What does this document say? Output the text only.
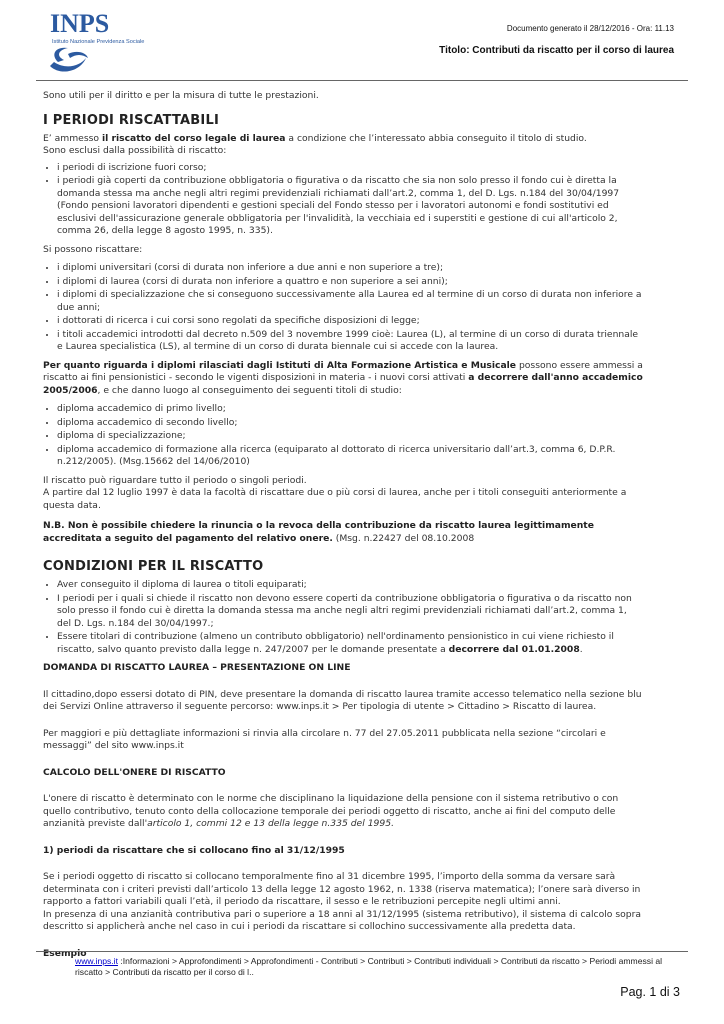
INPS
Istituto Nazionale Previdenza Sociale
Documento generato il 28/12/2016 - Ora: 11.13
Titolo: Contributi da riscatto per il corso di laurea

Sono utili per il diritto e per la misura di tutte le prestazioni.

I PERIODI RISCATTABILI

E’ ammesso il riscatto del corso legale di laurea a condizione che l’interessato abbia conseguito il titolo di studio.

Sono esclusi dalla possibilità di riscatto:

• i periodi di iscrizione fuori corso;
• i periodi già coperti da contribuzione obbligatoria o figurativa o da riscatto che sia non solo presso il fondo cui è diretta la domanda stessa ma anche negli altri regimi previdenziali richiamati dall’art.2, comma 1, del D. Lgs. n.184 del 30/04/1997 (Fondo pensioni lavoratori dipendenti e gestioni speciali del Fondo stesso per i lavoratori autonomi e fondi sostitutivi ed esclusivi dell'assicurazione generale obbligatoria per l'invalidità, la vecchiaia ed i superstiti e gestione di cui all'articolo 2, comma 26, della legge 8 agosto 1995, n. 335).

Si possono riscattare:

• i diplomi universitari (corsi di durata non inferiore a due anni e non superiore a tre);
• i diplomi di laurea (corsi di durata non inferiore a quattro e non superiore a sei anni);
• i diplomi di specializzazione che si conseguono successivamente alla Laurea ed al termine di un corso di durata non inferiore a due anni;
• i dottorati di ricerca i cui corsi sono regolati da specifiche disposizioni di legge;
• i titoli accademici introdotti dal decreto n.509 del 3 novembre 1999 cioè: Laurea (L), al termine di un corso di durata triennale e Laurea specialistica (LS), al termine di un corso di durata biennale cui si accede con la laurea.

Per quanto riguarda i diplomi rilasciati dagli Istituti di Alta Formazione Artistica e Musicale possono essere ammessi a riscatto ai fini pensionistici - secondo le vigenti disposizioni in materia - i nuovi corsi attivati a decorrere dall'anno accademico 2005/2006, e che danno luogo al conseguimento dei seguenti titoli di studio:

• diploma accademico di primo livello;
• diploma accademico di secondo livello;
• diploma di specializzazione;
• diploma accademico di formazione alla ricerca (equiparato al dottorato di ricerca universitario dall’art.3, comma 6, D.P.R. n.212/2005). (Msg.15662 del 14/06/2010)

Il riscatto può riguardare tutto il periodo o singoli periodi.

A partire dal 12 luglio 1997 è data la facoltà di riscattare due o più corsi di laurea, anche per i titoli conseguiti anteriormente a questa data.

N.B. Non è possibile chiedere la rinuncia o la revoca della contribuzione da riscatto laurea legittimamente accreditata a seguito del pagamento del relativo onere. (Msg. n.22427 del 08.10.2008

CONDIZIONI PER IL RISCATTO
• Aver conseguito il diploma di laurea o titoli equiparati;
• I periodi per i quali si chiede il riscatto non devono essere coperti da contribuzione obbligatoria o figurativa o da riscatto non solo presso il fondo cui è diretta la domanda stessa ma anche negli altri regimi previdenziali richiamati dall’art.2, comma 1, del D. Lgs. n.184 del 30/04/1997.;
• Essere titolari di contribuzione (almeno un contributo obbligatorio) nell'ordinamento pensionistico in cui viene richiesto il riscatto, salvo quanto previsto dalla legge n. 247/2007 per le domande presentate a decorrere dal 01.01.2008.

DOMANDA DI RISCATTO LAUREA – PRESENTAZIONE ON LINE

Il cittadino,dopo essersi dotato di PIN, deve presentare la domanda di riscatto laurea tramite accesso telematico nella sezione blu dei Servizi Online attraverso il seguente percorso: www.inps.it > Per tipologia di utente > Cittadino > Riscatto di laurea.

Per maggiori e più dettagliate informazioni si rinvia alla circolare n. 77 del 27.05.2011 pubblicata nella sezione “circolari e messaggi” del sito www.inps.it

CALCOLO DELL'ONERE DI RISCATTO

L'onere di riscatto è determinato con le norme che disciplinano la liquidazione della pensione con il sistema retributivo o con quello contributivo, tenuto conto della collocazione temporale dei periodi oggetto di riscatto, anche ai fini del computo delle anzianità previste dall'articolo 1, commi 12 e 13 della legge n.335 del 1995.

1) periodi da riscattare che si collocano fino al 31/12/1995

Se i periodi oggetto di riscatto si collocano temporalmente fino al 31 dicembre 1995, l’importo della somma da versare sarà determinata con i criteri previsti dall’articolo 13 della legge 12 agosto 1962, n. 1338 (riserva matematica); l’onere sarà diverso in rapporto a fattori variabili quali l’età, il periodo da riscattare, il sesso e le retribuzioni percepite negli ultimi anni.

In presenza di una anzianità contributiva pari o superiore a 18 anni al 31/12/1995 (sistema retributivo), il sistema di calcolo sopra descritto si applicherà anche nel caso in cui i periodi da riscattare si collochino successivamente alla predetta data.

Esempio

www.inps.it :Informazioni > Approfondimenti > Approfondimenti - Contributi > Contributi > Contributi individuali > Contributi da riscatto > Periodi ammessi al riscatto > Contributi da riscatto per il corso di l..
Pag. 1 di 3
